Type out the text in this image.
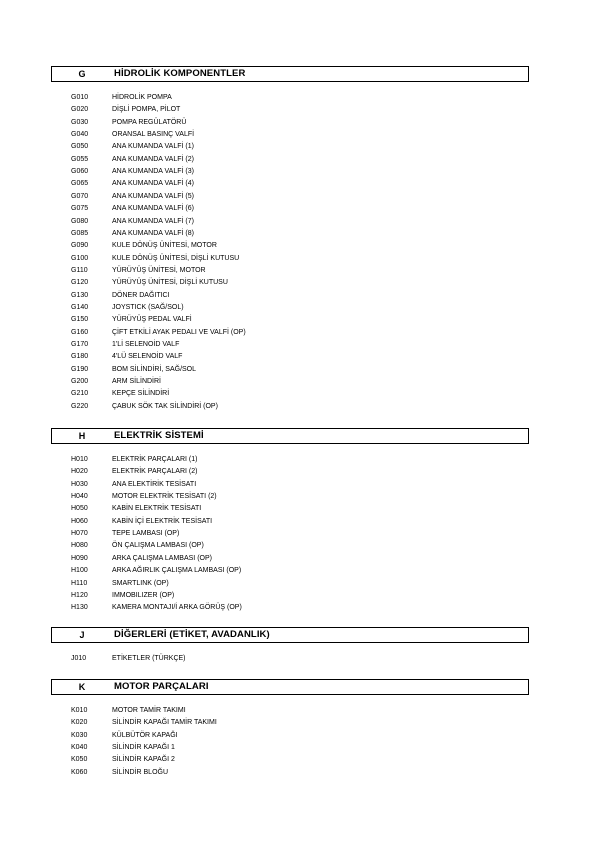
G	HİDROLİK KOMPONENTLER
G010	HİDROLİK POMPA
G020	DİŞLİ POMPA, PİLOT
G030	POMPA REGÜLATÖRÜ
G040	ORANSAL BASINÇ VALFİ
G050	ANA KUMANDA VALFİ (1)
G055	ANA KUMANDA VALFİ (2)
G060	ANA KUMANDA VALFİ (3)
G065	ANA KUMANDA VALFİ (4)
G070	ANA KUMANDA VALFİ (5)
G075	ANA KUMANDA VALFİ (6)
G080	ANA KUMANDA VALFİ (7)
G085	ANA KUMANDA VALFİ (8)
G090	KULE DÖNÜŞ ÜNİTESİ, MOTOR
G100	KULE DÖNÜŞ ÜNİTESİ, DİŞLİ KUTUSU
G110	YÜRÜYÜŞ ÜNİTESİ, MOTOR
G120	YÜRÜYÜŞ ÜNİTESİ, DİŞLİ KUTUSU
G130	DÖNER DAĞITICI
G140	JOYSTICK (SAĞ/SOL)
G150	YÜRÜYÜŞ PEDAL VALFİ
G160	ÇİFT ETKİLİ AYAK PEDALI VE VALFİ (OP)
G170	1'Lİ SELENOİD VALF
G180	4'LÜ SELENOİD VALF
G190	BOM SİLİNDİRİ, SAĞ/SOL
G200	ARM SİLİNDİRİ
G210	KEPÇE SİLİNDİRİ
G220	ÇABUK SÖK TAK SİLİNDİRİ (OP)
H	ELEKTRİK SİSTEMİ
H010	ELEKTRİK PARÇALARI (1)
H020	ELEKTRİK PARÇALARI (2)
H030	ANA ELEKTİRİK TESİSATI
H040	MOTOR ELEKTRİK TESİSATI (2)
H050	KABİN ELEKTRİK TESİSATI
H060	KABİN İÇİ ELEKTRİK TESİSATI
H070	TEPE LAMBASI (OP)
H080	ÖN ÇALIŞMA LAMBASI (OP)
H090	ARKA ÇALIŞMA LAMBASI (OP)
H100	ARKA AĞIRLIK ÇALIŞMA LAMBASI (OP)
H110	SMARTLINK (OP)
H120	IMMOBILIZER (OP)
H130	KAMERA MONTAJI/İ ARKA GÖRÜŞ (OP)
J	DİĞERLERİ (ETİKET, AVADANLIK)
J010	ETİKETLER (TÜRKÇE)
K	MOTOR PARÇALARI
K010	MOTOR TAMİR TAKIMI
K020	SİLİNDİR KAPAĞI TAMİR TAKIMI
K030	KÜLBÜTÖR KAPAĞI
K040	SİLİNDİR KAPAĞI 1
K050	SİLİNDİR KAPAĞI 2
K060	SİLİNDİR BLOĞU
